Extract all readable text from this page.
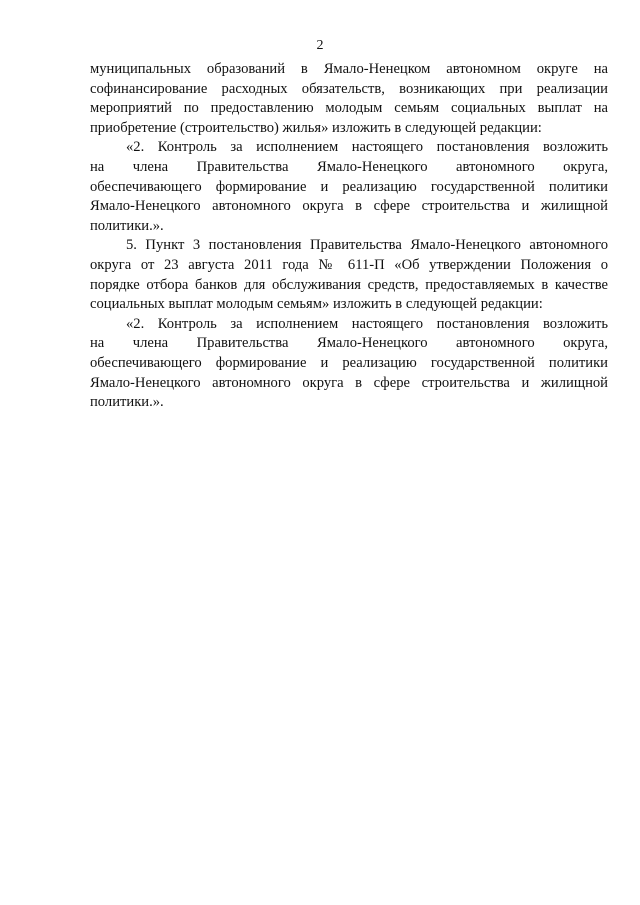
2
муниципальных образований в Ямало-Ненецком автономном округе на
софинансирование расходных обязательств, возникающих при реализации
мероприятий по предоставлению молодым семьям социальных выплат на
приобретение (строительство) жилья» изложить в следующей редакции:
«2. Контроль за исполнением настоящего постановления возложить
на члена Правительства Ямало-Ненецкого автономного округа,
обеспечивающего формирование и реализацию государственной политики
Ямало-Ненецкого автономного округа в сфере строительства и жилищной
политики.».
5. Пункт 3 постановления Правительства Ямало-Ненецкого автономного
округа от 23 августа 2011 года № 611-П «Об утверждении Положения о
порядке отбора банков для обслуживания средств, предоставляемых в качестве
социальных выплат молодым семьям» изложить в следующей редакции:
«2. Контроль за исполнением настоящего постановления возложить
на члена Правительства Ямало-Ненецкого автономного округа,
обеспечивающего формирование и реализацию государственной политики
Ямало-Ненецкого автономного округа в сфере строительства и жилищной
политики.».
